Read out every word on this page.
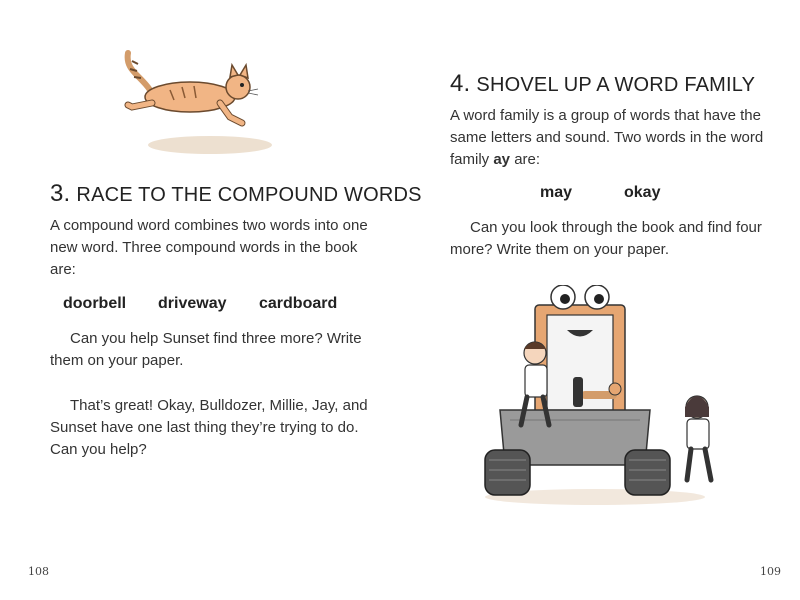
3. RACE TO THE COMPOUND WORDS
A compound word combines two words into one
new word. Three compound words in the book
are:
doorbell driveway cardboard
Can you help Sunset find three more? Write
them on your paper.
That’s great! Okay, Bulldozer, Millie, Jay, and
Sunset have one last thing they’re trying to do.
Can you help?
108
4. SHOVEL UP A WORD FAMILY
A word family is a group of words that have the
same letters and sound. Two words in the word
family ay are:
may	okay
Can you look through the book and find four
more? Write them on your paper.
109
